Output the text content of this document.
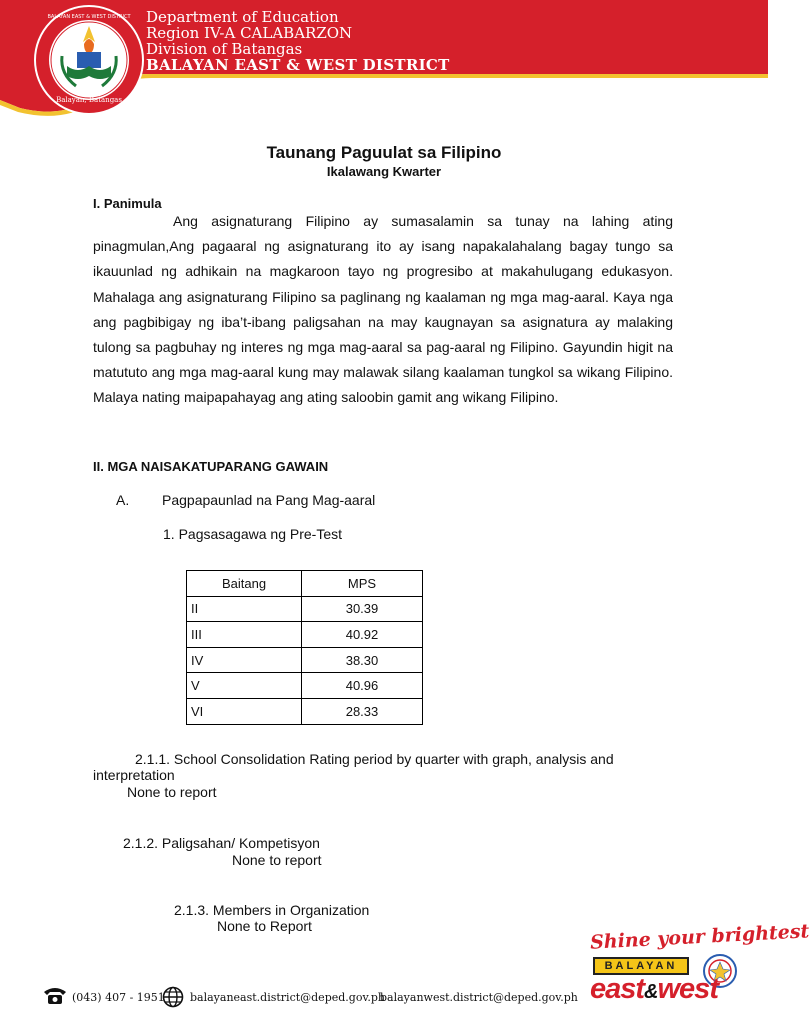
Balayan, Batangas
BALAYAN EAST & WEST DISTRICT Department of Education
Region IV-A CALABARZON
Division of Batangas
BALAYAN EAST & WEST DISTRICT
Taunang Paguulat sa Filipino
Ikalawang Kwarter
I. Panimula

Ang asignaturang Filipino ay sumasalamin sa tunay na lahing ating pinagmulan,Ang pagaaral ng asignaturang ito ay isang napakalahalang bagay tungo sa ikauunlad ng adhikain na magkaroon tayo ng progresibo at makahulugang edukasyon. Mahalaga ang asignaturang Filipino sa paglinang ng kaalaman ng mga mag-aaral. Kaya nga ang pagbibigay ng iba’t-ibang paligsahan na may kaugnayan sa asignatura ay malaking tulong sa pagbuhay ng interes ng mga mag-aaral sa pag-aaral ng Filipino. Gayundin higit na matututo ang mga mag-aaral kung may malawak silang kaalaman tungkol sa wikang Filipino. Malaya nating maipapahayag ang ating saloobin gamit ang wikang Filipino.

II. MGA NAISAKATUPARANG GAWAIN
A. Pagpapaunlad na Pang Mag-aaral
1. Pagsasagawa ng Pre-Test
Baitang	MPS
II	30.39
III	40.92
IV	38.30
V	40.96
VI	28.33
2.1.1. School Consolidation Rating period by quarter with graph, analysis and
interpretation
None to report
2.1.2. Paligsahan/ Kompetisyon
None to report
2.1.3. Members in Organization
None to Report
(043) 407 - 1951 balayaneast.district@deped.gov.ph
balayanwest.district@deped.gov.ph
Shine your brightest
BALAYAN
east&west
